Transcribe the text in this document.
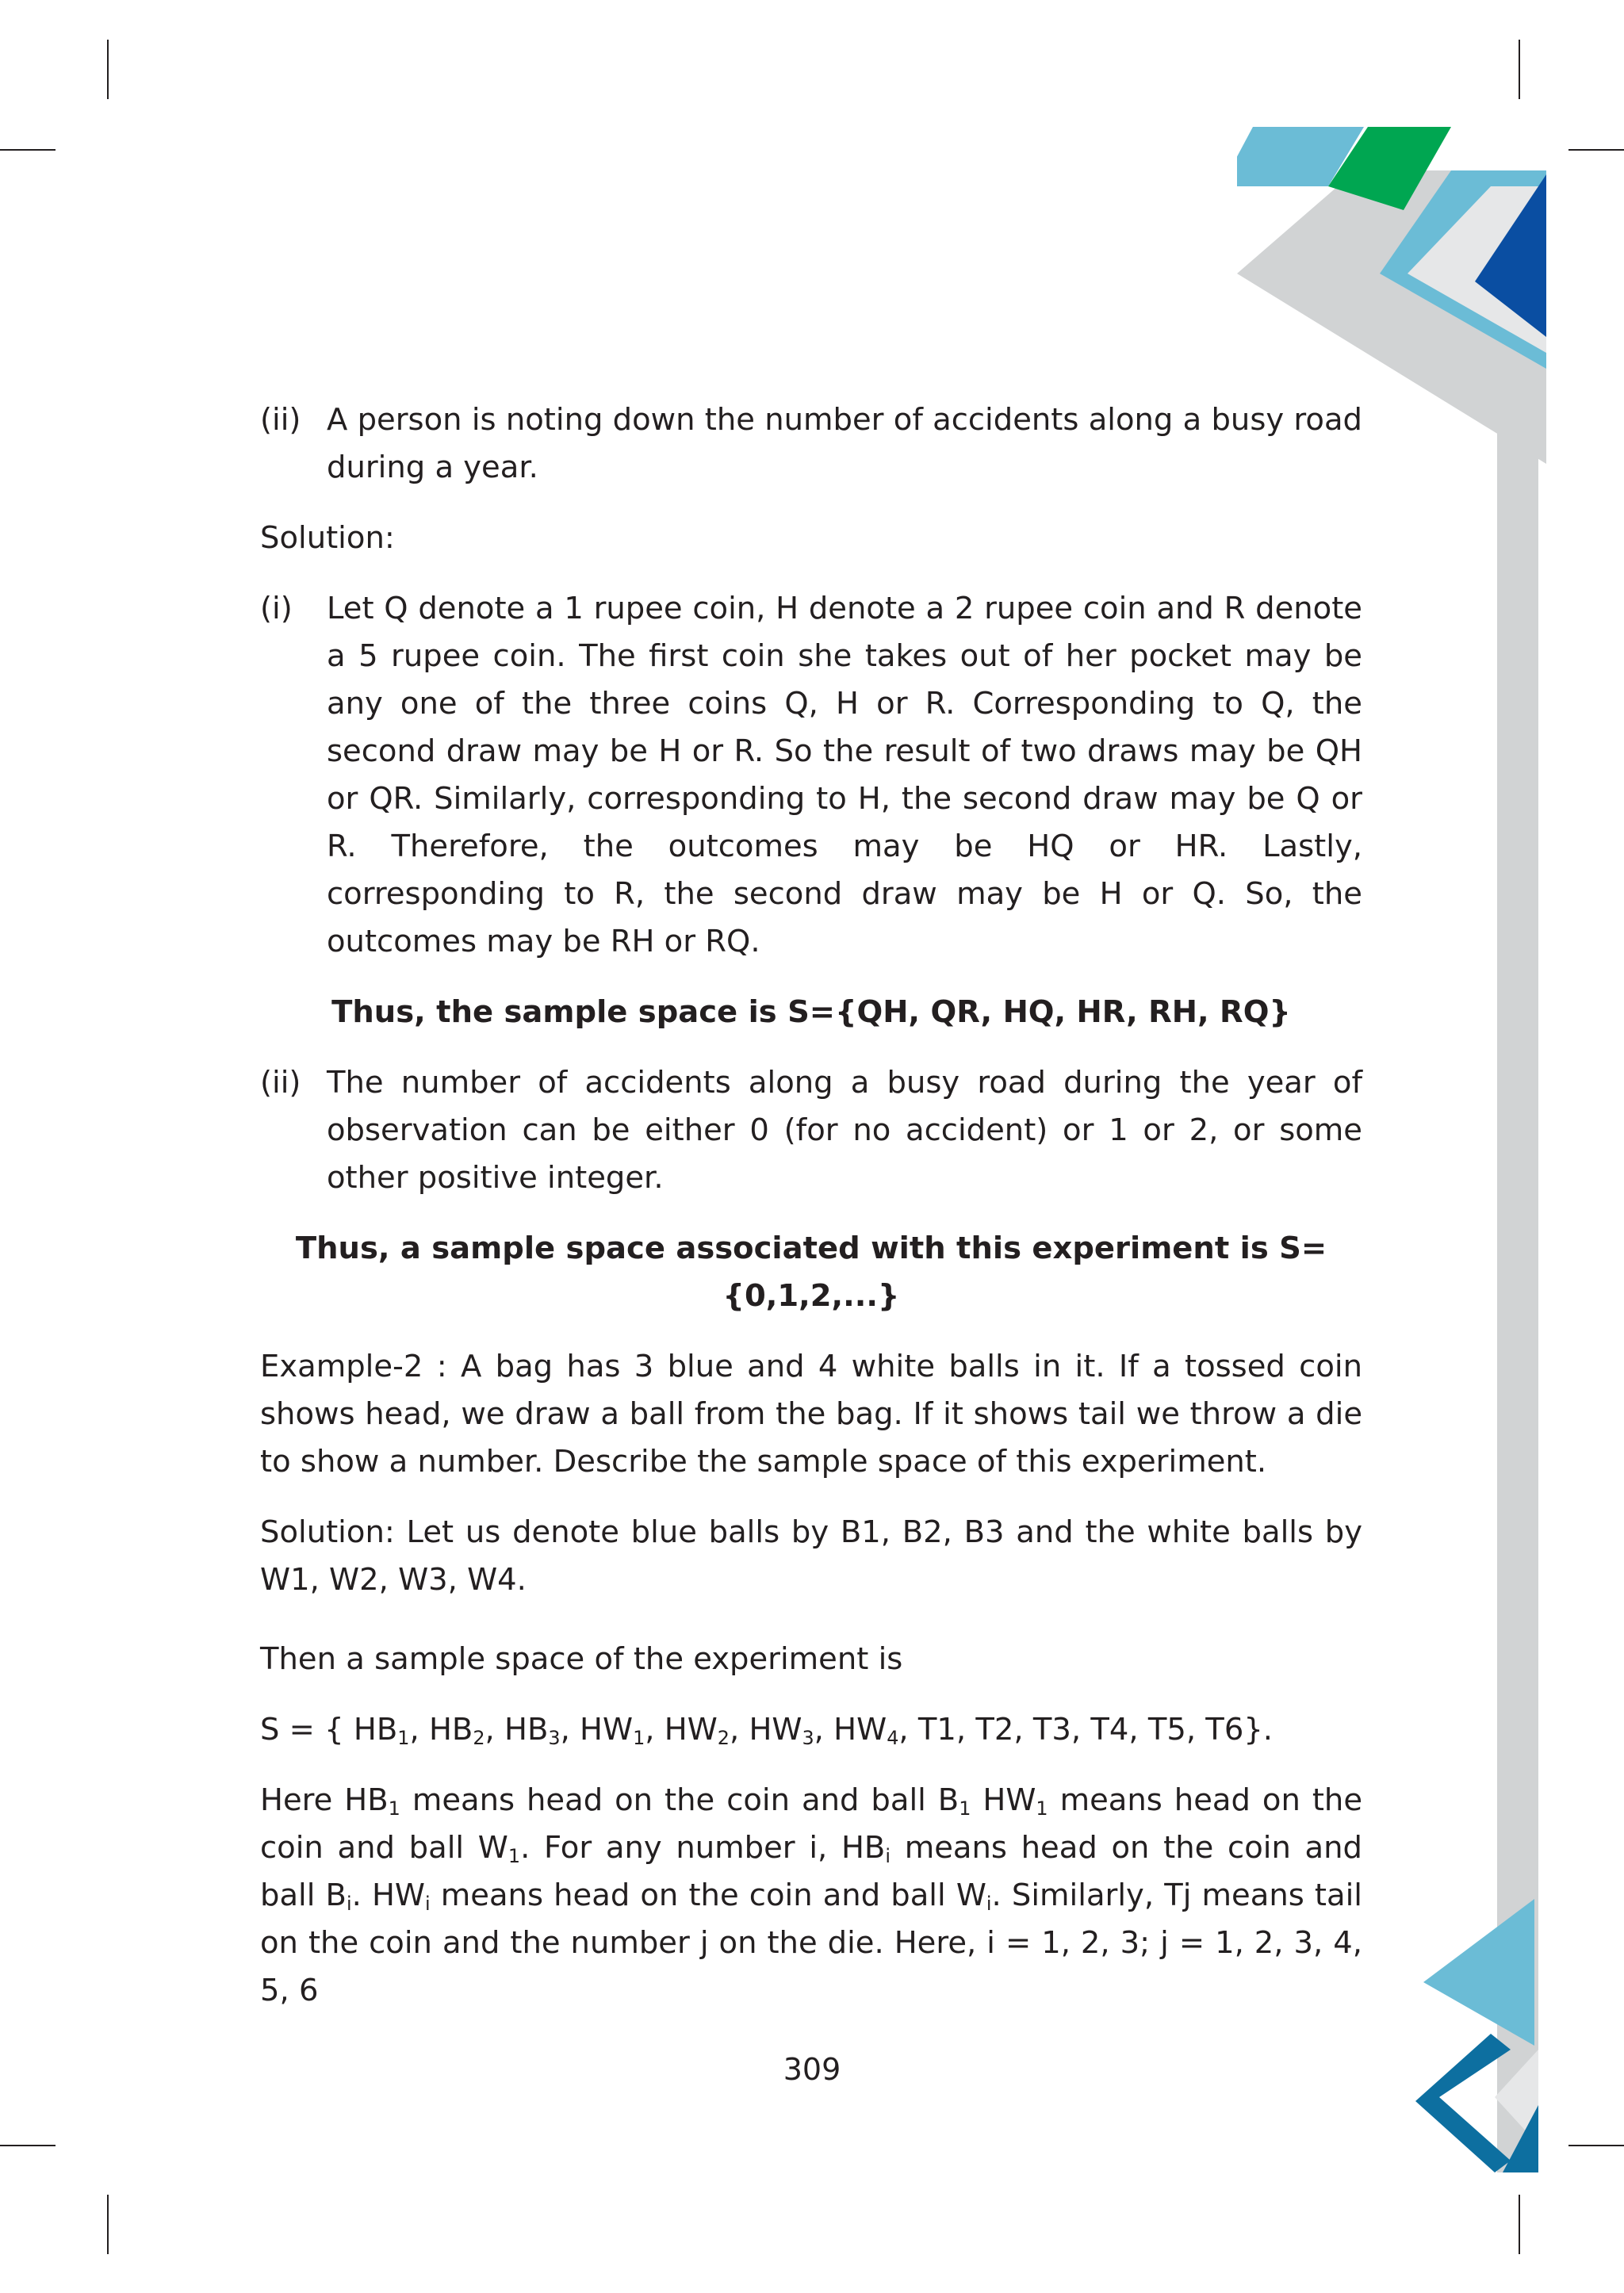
(ii) A person is noting down the number of accidents along a busy road during a year.
Solution:
(i)	Let Q denote a 1 rupee coin, H denote a 2 rupee coin and R denote a 5 rupee coin. The first coin she takes out of her pocket may be any one of the three coins Q, H or R. Corresponding to Q, the second draw may be H or R. So the result of two draws may be QH or QR. Similarly, corresponding to H, the second draw may be Q or R. Therefore, the outcomes may be HQ or HR. Lastly, corresponding to R, the second draw may be H or Q. So, the outcomes may be RH or RQ.
Thus, the sample space is S={QH, QR, HQ, HR, RH, RQ}
(ii) The number of accidents along a busy road during the year of observation can be either 0 (for no accident) or 1 or 2, or some other positive integer.
Thus, a sample space associated with this experiment is S= {0,1,2,...}
Example-2 : A bag has 3 blue and 4 white balls in it. If a tossed coin shows head, we draw a ball from the bag. If it shows tail we throw a die to show a number. Describe the sample space of this experiment.
Solution: Let us denote blue balls by B1, B2, B3 and the white balls by W1, W2, W3, W4.
Then a sample space of the experiment is
S = { $HB_1$, $HB_2$, $HB_3$, $HW_1$, $HW_2$, $HW_3$, $HW_4$, T1, T2, T3, T4, T5, T6}.
Here $HB_1$ means head on the coin and ball $B_1$ $HW_1$ means head on the coin and ball $W_1$. For any number i, $HB_i$ means head on the coin and ball $B_i$. $HW_i$ means head on the coin and ball $W_i$. Similarly, Tj means tail on the coin and the number j on the die. Here, i = 1, 2, 3; j = 1, 2, 3, 4, 5, 6
309
